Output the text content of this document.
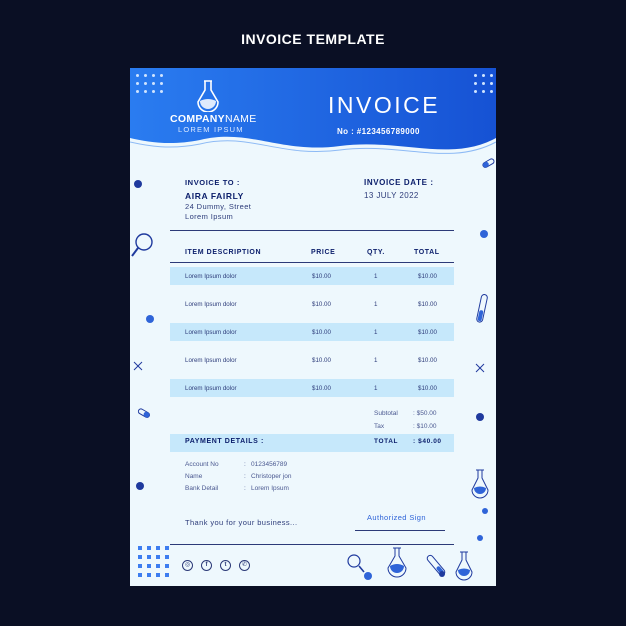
INVOICE TEMPLATE
COMPANYNAME
LOREM IPSUM
INVOICE
No : #123456789000
INVOICE TO :
AIRA FAIRLY
24 Dummy, Street
Lorem Ipsum
INVOICE DATE :
13 JULY 2022
ITEM DESCRIPTION	PRICE	QTY.	TOTAL
Lorem Ipsum dolor	$10.00	1	$10.00
Lorem Ipsum dolor	$10.00	1	$10.00
Lorem Ipsum dolor	$10.00	1	$10.00
Lorem Ipsum dolor	$10.00	1	$10.00
Lorem Ipsum dolor	$10.00	1	$10.00
Subtotal : $50.00
Tax	: $10.00
PAYMENT DETAILS :	TOTAL : $40.00
Account No	: 0123456789
Name	: Christoper jon
Bank Detail	: Lorem Ipsum
Thank you for your business...
Authorized Sign
◎	f	t	✆
